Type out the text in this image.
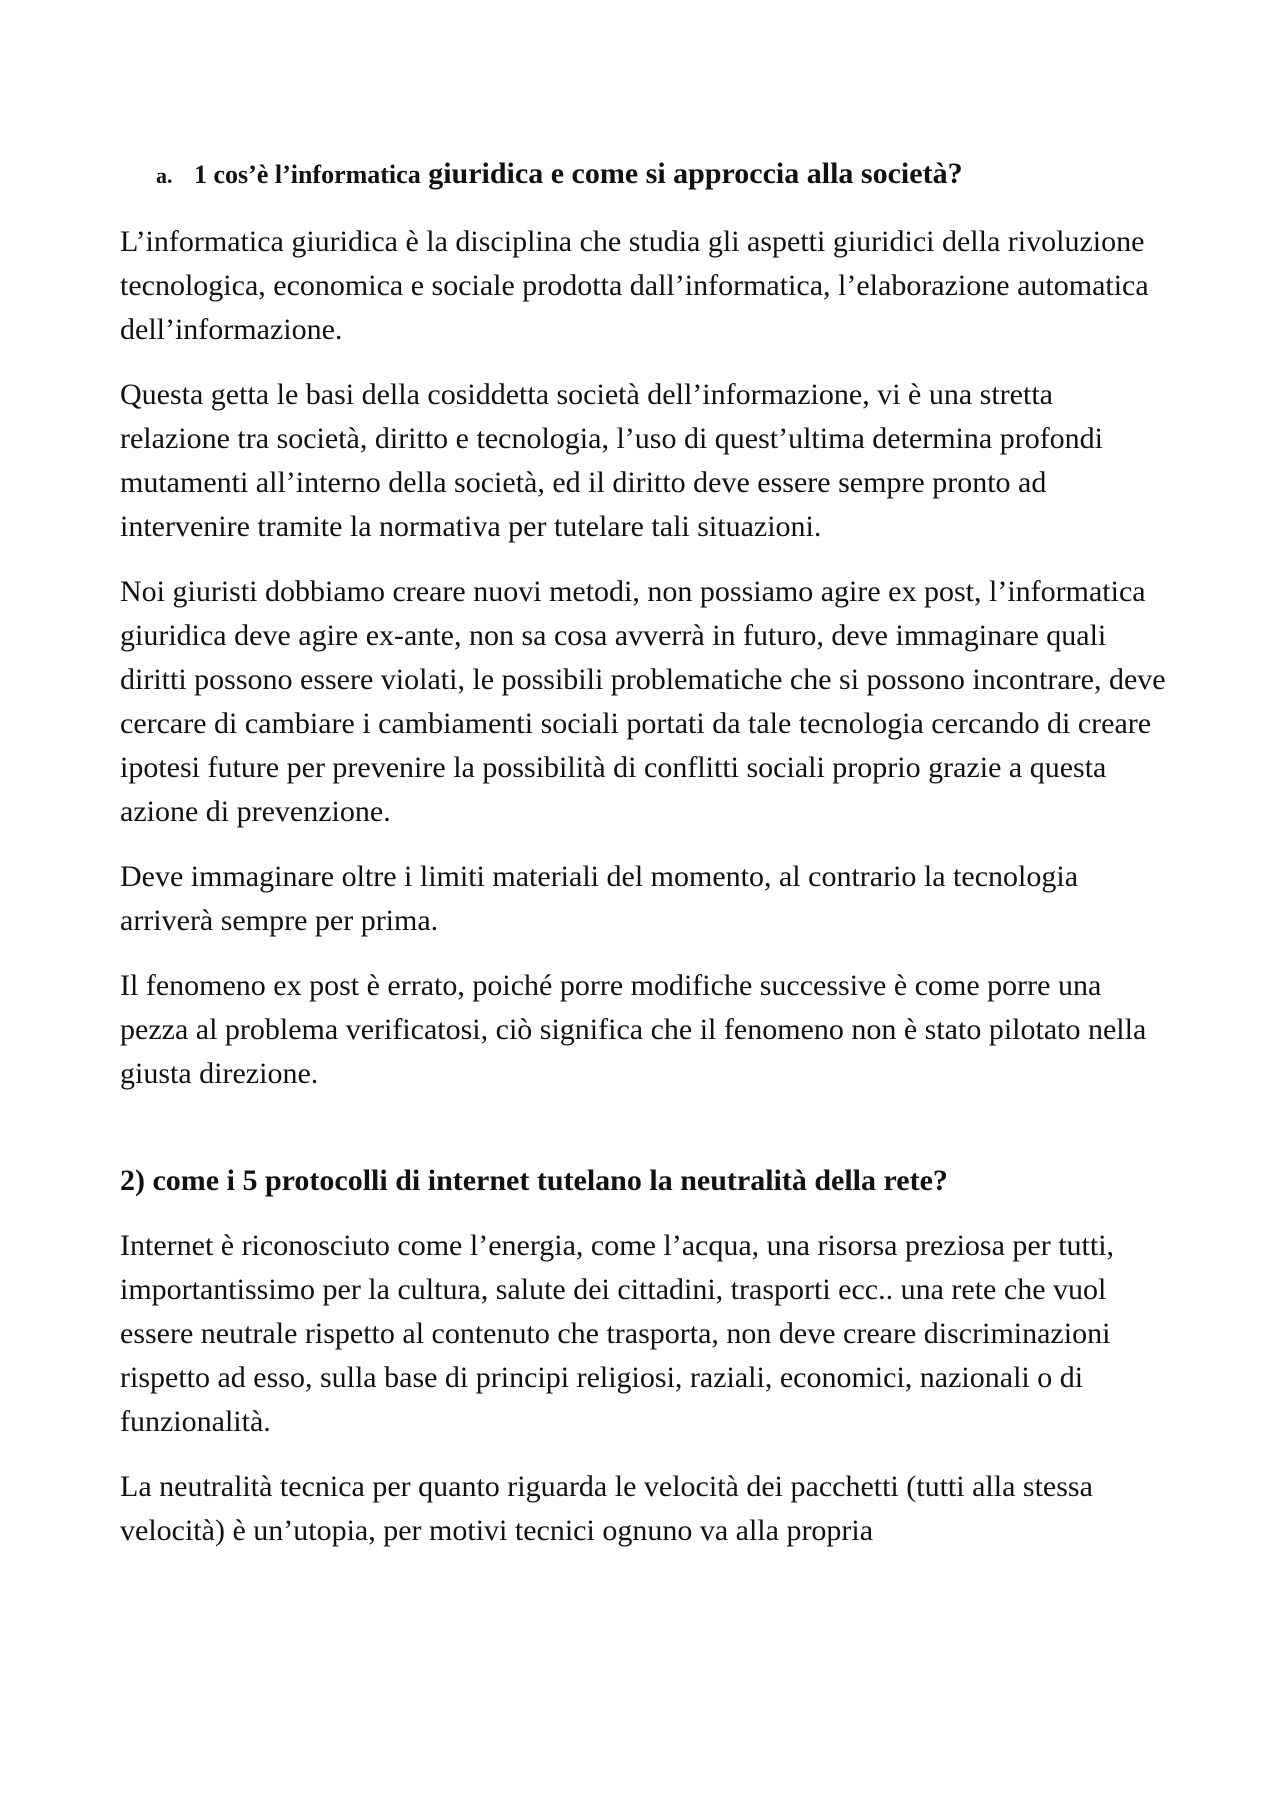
a. 1 cos’è l’informatica giuridica e come si approccia alla società?

L’informatica giuridica è la disciplina che studia gli aspetti giuridici della rivoluzione tecnologica, economica e sociale prodotta dall’informatica, l’elaborazione automatica dell’informazione.

Questa getta le basi della cosiddetta società dell’informazione, vi è una stretta relazione tra società, diritto e tecnologia, l’uso di quest’ultima determina profondi mutamenti all’interno della società, ed il diritto deve essere sempre pronto ad intervenire tramite la normativa per tutelare tali situazioni.

Noi giuristi dobbiamo creare nuovi metodi, non possiamo agire ex post, l’informatica giuridica deve agire ex-ante, non sa cosa avverrà in futuro, deve immaginare quali diritti possono essere violati, le possibili problematiche che si possono incontrare, deve cercare di cambiare i cambiamenti sociali portati da tale tecnologia cercando di creare ipotesi future per prevenire la possibilità di conflitti sociali proprio grazie a questa azione di prevenzione.

Deve immaginare oltre i limiti materiali del momento, al contrario la tecnologia arriverà sempre per prima.

Il fenomeno ex post è errato, poiché porre modifiche successive è come porre una pezza al problema verificatosi, ciò significa che il fenomeno non è stato pilotato nella giusta direzione.

2) come i 5 protocolli di internet tutelano la neutralità della rete?

Internet è riconosciuto come l’energia, come l’acqua, una risorsa preziosa per tutti, importantissimo per la cultura, salute dei cittadini, trasporti ecc.. una rete che vuol essere neutrale rispetto al contenuto che trasporta, non deve creare discriminazioni rispetto ad esso, sulla base di principi religiosi, raziali, economici, nazionali o di funzionalità.

La neutralità tecnica per quanto riguarda le velocità dei pacchetti (tutti alla stessa velocità) è un’utopia, per motivi tecnici ognuno va alla propria
